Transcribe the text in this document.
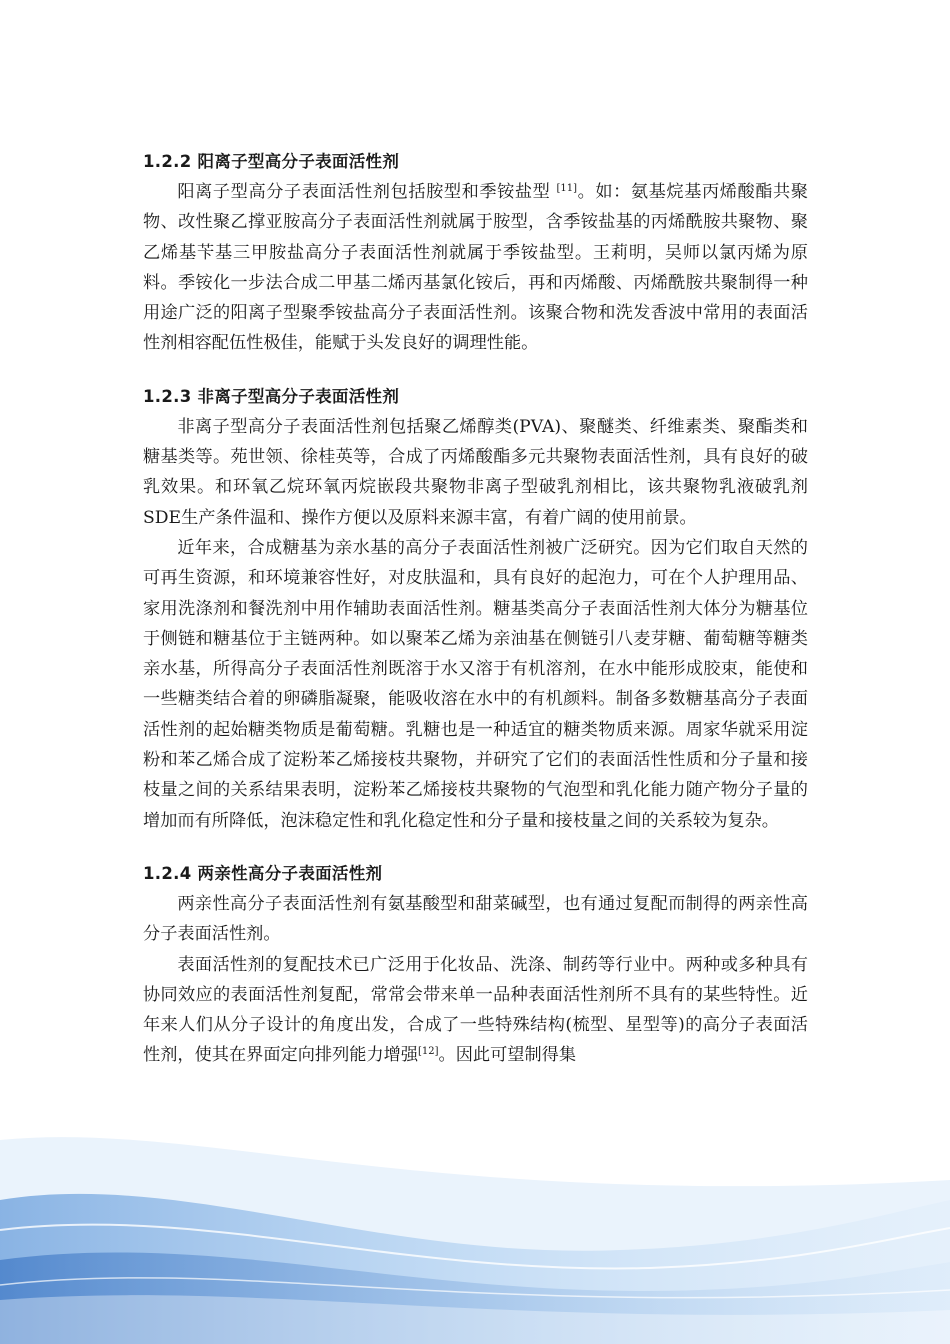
1.2.2 阳离子型高分子表面活性剂

阳离子型高分子表面活性剂包括胺型和季铵盐型 [11]。如：氨基烷基丙烯酸酯共聚物、改性聚乙撑亚胺高分子表面活性剂就属于胺型，含季铵盐基的丙烯酰胺共聚物、聚乙烯基苄基三甲胺盐高分子表面活性剂就属于季铵盐型。王莉明，吴师以氯丙烯为原料。季铵化一步法合成二甲基二烯丙基氯化铵后，再和丙烯酸、丙烯酰胺共聚制得一种用途广泛的阳离子型聚季铵盐高分子表面活性剂。该聚合物和洗发香波中常用的表面活性剂相容配伍性极佳，能赋于头发良好的调理性能。

1.2.3 非离子型高分子表面活性剂

非离子型高分子表面活性剂包括聚乙烯醇类(PVA)、聚醚类、纤维素类、聚酯类和糖基类等。苑世领、徐桂英等，合成了丙烯酸酯多元共聚物表面活性剂，具有良好的破乳效果。和环氧乙烷环氧丙烷嵌段共聚物非离子型破乳剂相比，该共聚物乳液破乳剂SDE生产条件温和、操作方便以及原料来源丰富，有着广阔的使用前景。

近年来，合成糖基为亲水基的高分子表面活性剂被广泛研究。因为它们取自天然的可再生资源，和环境兼容性好，对皮肤温和，具有良好的起泡力，可在个人护理用品、家用洗涤剂和餐洗剂中用作辅助表面活性剂。糖基类高分子表面活性剂大体分为糖基位于侧链和糖基位于主链两种。如以聚苯乙烯为亲油基在侧链引八麦芽糖、葡萄糖等糖类亲水基，所得高分子表面活性剂既溶于水又溶于有机溶剂，在水中能形成胶束，能使和一些糖类结合着的卵磷脂凝聚，能吸收溶在水中的有机颜料。制备多数糖基高分子表面活性剂的起始糖类物质是葡萄糖。乳糖也是一种适宜的糖类物质来源。周家华就采用淀粉和苯乙烯合成了淀粉苯乙烯接枝共聚物，并研究了它们的表面活性性质和分子量和接枝量之间的关系结果表明，淀粉苯乙烯接枝共聚物的气泡型和乳化能力随产物分子量的增加而有所降低，泡沫稳定性和乳化稳定性和分子量和接枝量之间的关系较为复杂。

1.2.4 两亲性高分子表面活性剂

两亲性高分子表面活性剂有氨基酸型和甜菜碱型，也有通过复配而制得的两亲性高分子表面活性剂。

表面活性剂的复配技术已广泛用于化妆品、洗涤、制药等行业中。两种或多种具有协同效应的表面活性剂复配，常常会带来单一品种表面活性剂所不具有的某些特性。近年来人们从分子设计的角度出发，合成了一些特殊结构(梳型、星型等)的高分子表面活性剂，使其在界面定向排列能力增强[12]。因此可望制得集
